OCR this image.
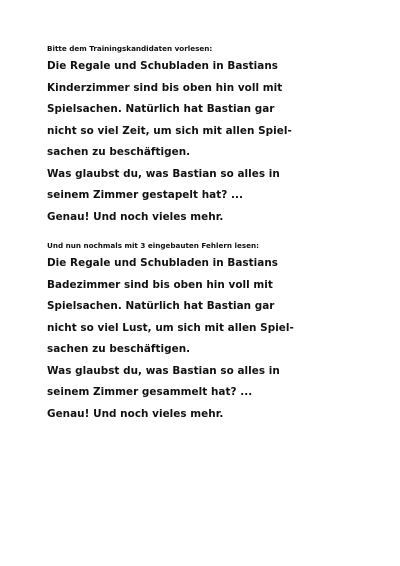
Bitte dem Trainingskandidaten vorlesen:
Die Regale und Schubladen in Bastians
Kinderzimmer sind bis oben hin voll mit
Spielsachen. Natürlich hat Bastian gar
nicht so viel Zeit, um sich mit allen Spiel-
sachen zu beschäftigen.
Was glaubst du, was Bastian so alles in
seinem Zimmer gestapelt hat? ...
Genau! Und noch vieles mehr.
Und nun nochmals mit 3 eingebauten Fehlern lesen:
Die Regale und Schubladen in Bastians
Badezimmer sind bis oben hin voll mit
Spielsachen. Natürlich hat Bastian gar
nicht so viel Lust, um sich mit allen Spiel-
sachen zu beschäftigen.
Was glaubst du, was Bastian so alles in
seinem Zimmer gesammelt hat? ...
Genau! Und noch vieles mehr.
